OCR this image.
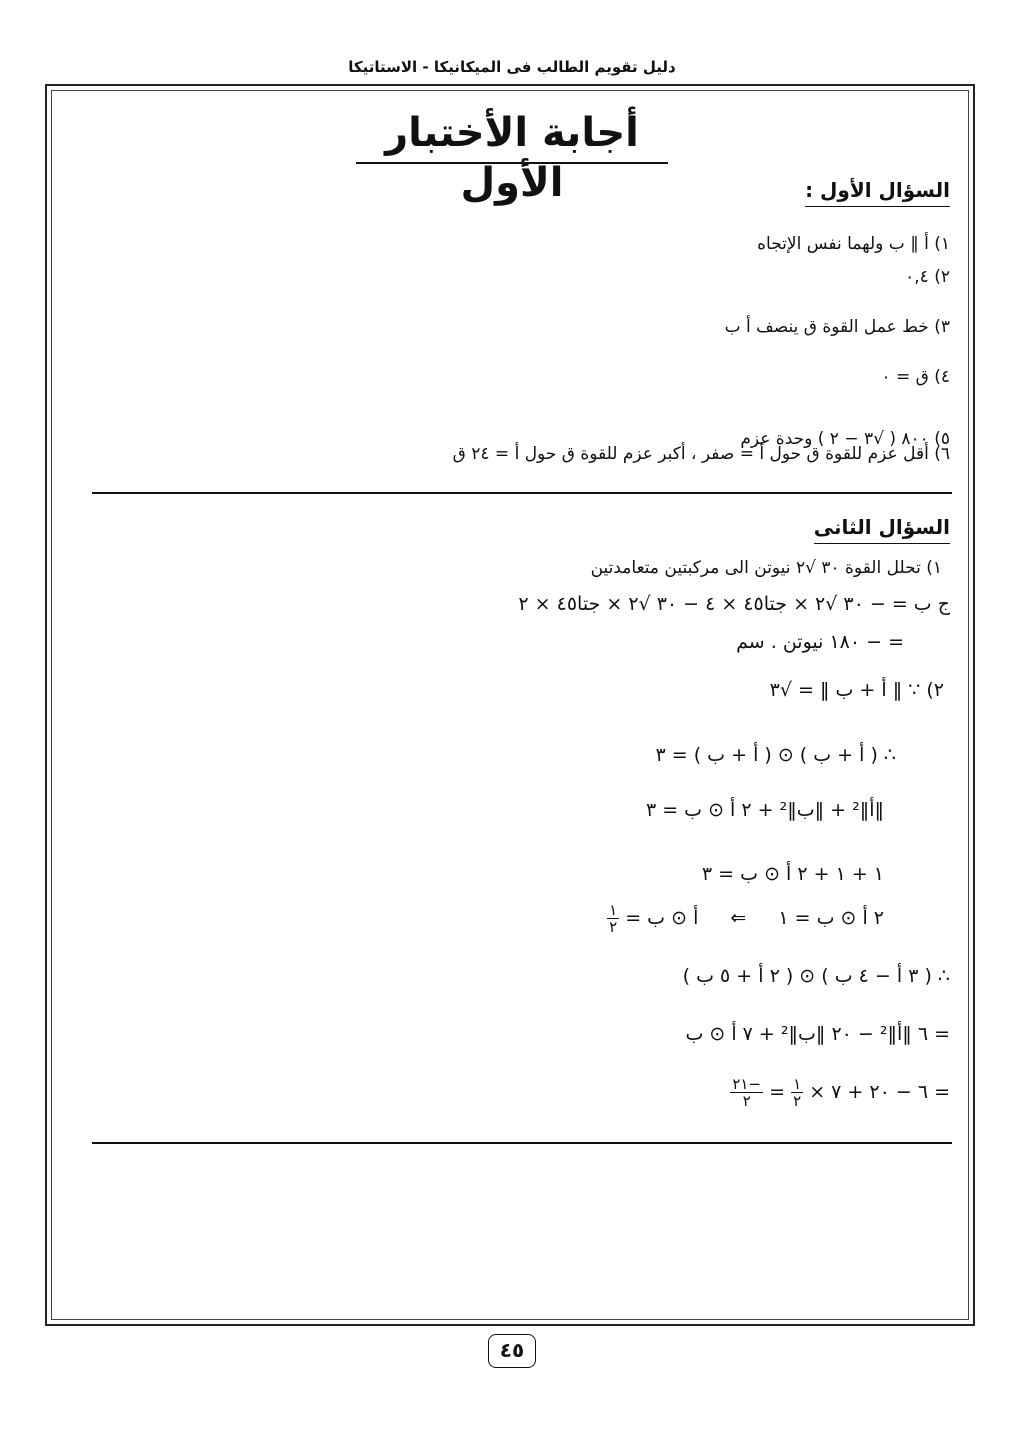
دليل تقويم الطالب فى الميكانيكا - الاستاتيكا
أجابة الأختبار الأول	السؤال الأول :
١) أ ∥ ب ولهما نفس الإتجاه
٢) ٠,٤
٣) خط عمل القوة ق ينصف أ ب
٤) ق = ٠
٥) ٨٠٠ ( √٣ − ٢ ) وحدة عزم
٦) أقل عزم للقوة ق حول أ = صفر ، أكبر عزم للقوة ق حول أ = ٢٤ ق
السؤال الثانى
١) تحلل القوة ٣٠ √٢ نيوتن الى مركبتين متعامدتين
ج ب = − ٣٠ √٢ × جتا٤٥ × ٤ − ٣٠ √٢ × جتا٤٥ × ٢
= − ١٨٠ نيوتن . سم
٢) ∵ ‖ أ + ب ‖ = √٣
∴ ( أ + ب ) ⊙ ( أ + ب ) = ٣
‖أ‖² + ‖ب‖² + ٢ أ ⊙ ب = ٣
١ + ١ + ٢ أ ⊙ ب = ٣
٢ أ ⊙ ب = ١ ⇐ أ ⊙ ب =
$\frac{١}{٢}$
∴ ( ٣ أ − ٤ ب ) ⊙ ( ٢ أ + ٥ ب )
= ٦ ‖أ‖² − ٢٠ ‖ب‖² + ٧ أ ⊙ ب
= ٦ − ٢٠ + ٧ ×
$\frac{١}{٢}$
=
$\frac{-٢١}{٢}$
٤٥
